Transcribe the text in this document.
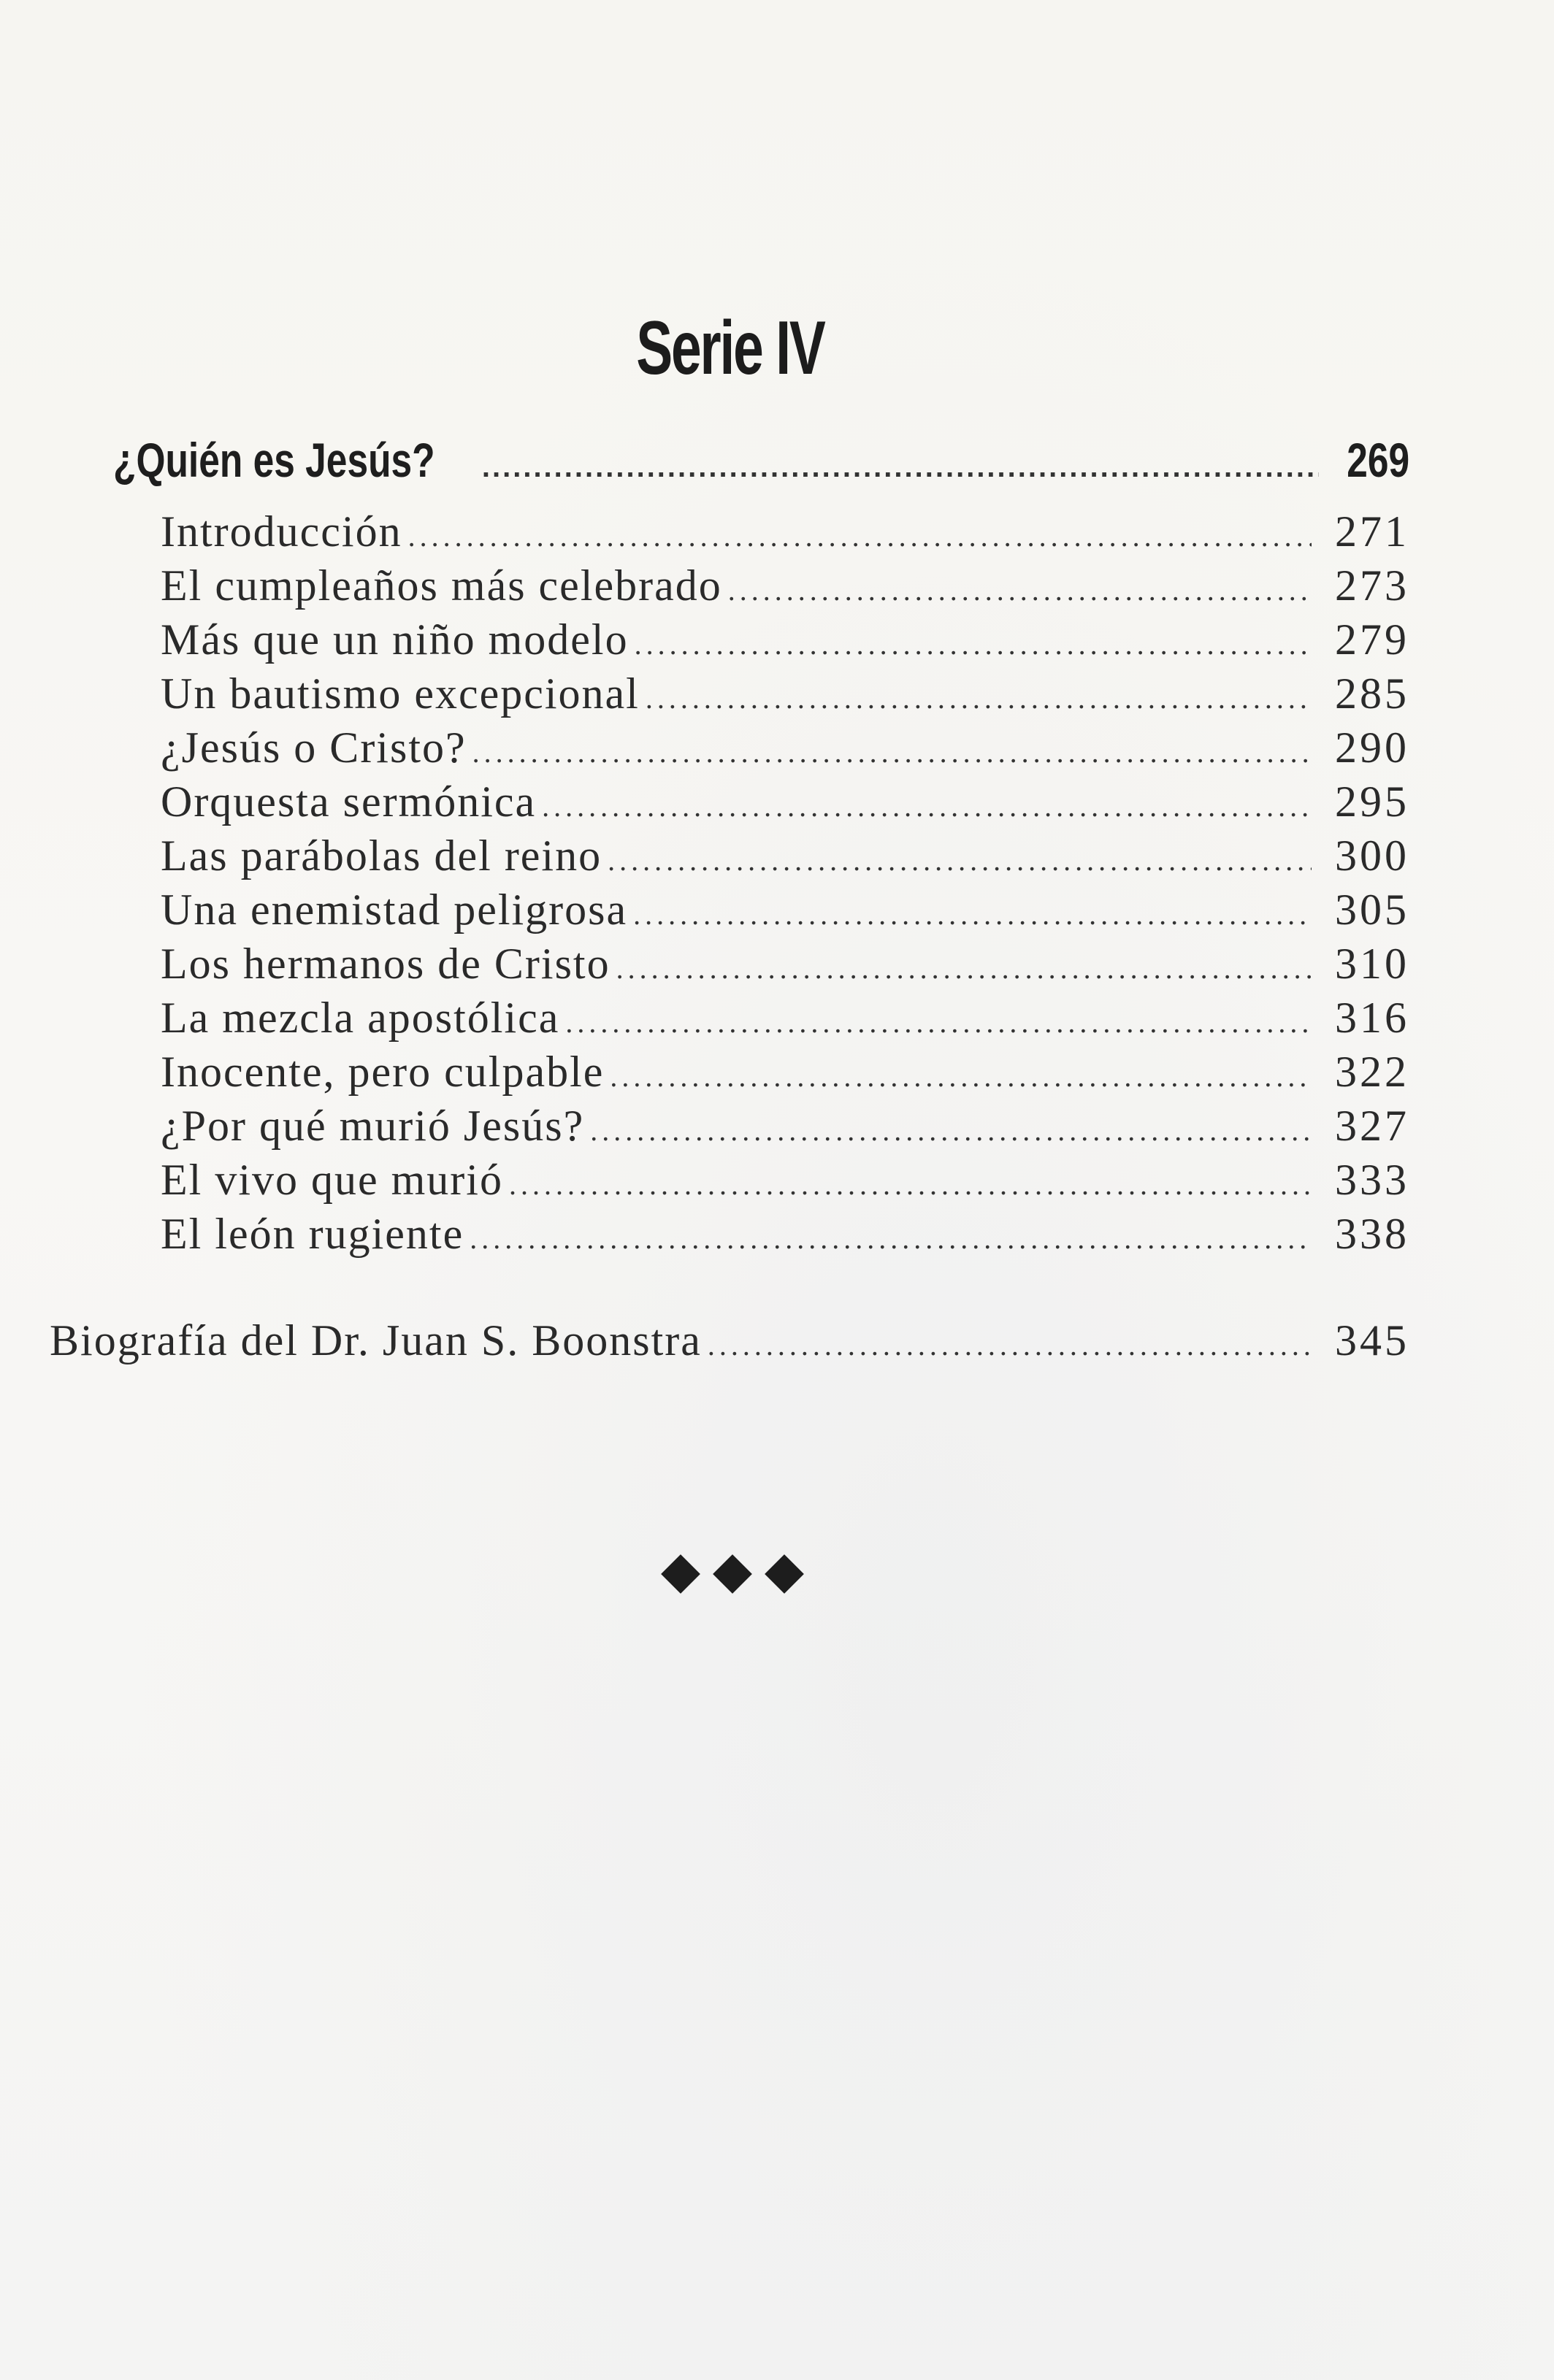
Serie IV
¿Quién es Jesús? .....	269
Introducción .....	271
El cumpleaños más celebrado .....	273
Más que un niño modelo .....	279
Un bautismo excepcional .....	285
¿Jesús o Cristo? .....	290
Orquesta sermónica .....	295
Las parábolas del reino .....	300
Una enemistad peligrosa .....	305
Los hermanos de Cristo .....	310
La mezcla apostólica .....	316
Inocente, pero culpable .....	322
¿Por qué murió Jesús? .....	327
El vivo que murió .....	333
El león rugiente .....	338
Biografía del Dr. Juan S. Boonstra .....	345
